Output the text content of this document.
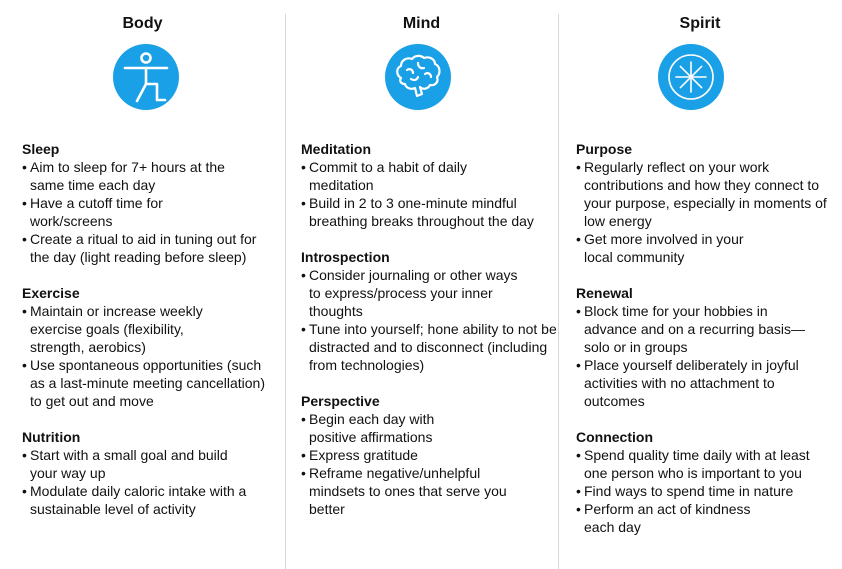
Body
Sleep
• Aim to sleep for 7+ hours at the same time each day
• Have a cutoff time for work/screens
• Create a ritual to aid in tuning out for the day (light reading before sleep)
Exercise
• Maintain or increase weekly exercise goals (flexibility, strength, aerobics)
• Use spontaneous opportunities (such as a last-minute meeting cancellation) to get out and move
Nutrition
• Start with a small goal and build your way up
• Modulate daily caloric intake with a sustainable level of activity
Mind
Meditation
• Commit to a habit of daily meditation
• Build in 2 to 3 one-minute mindful breathing breaks throughout the day
Introspection
• Consider journaling or other ways to express/process your inner thoughts
• Tune into yourself; hone ability to not be distracted and to disconnect (including from technologies)
Perspective
• Begin each day with positive affirmations
• Express gratitude
• Reframe negative/unhelpful mindsets to ones that serve you better
Spirit
Purpose
• Regularly reflect on your work contributions and how they connect to your purpose, especially in moments of low energy
• Get more involved in your local community
Renewal
• Block time for your hobbies in advance and on a recurring basis—solo or in groups
• Place yourself deliberately in joyful activities with no attachment to outcomes
Connection
• Spend quality time daily with at least one person who is important to you
• Find ways to spend time in nature
• Perform an act of kindness each day
